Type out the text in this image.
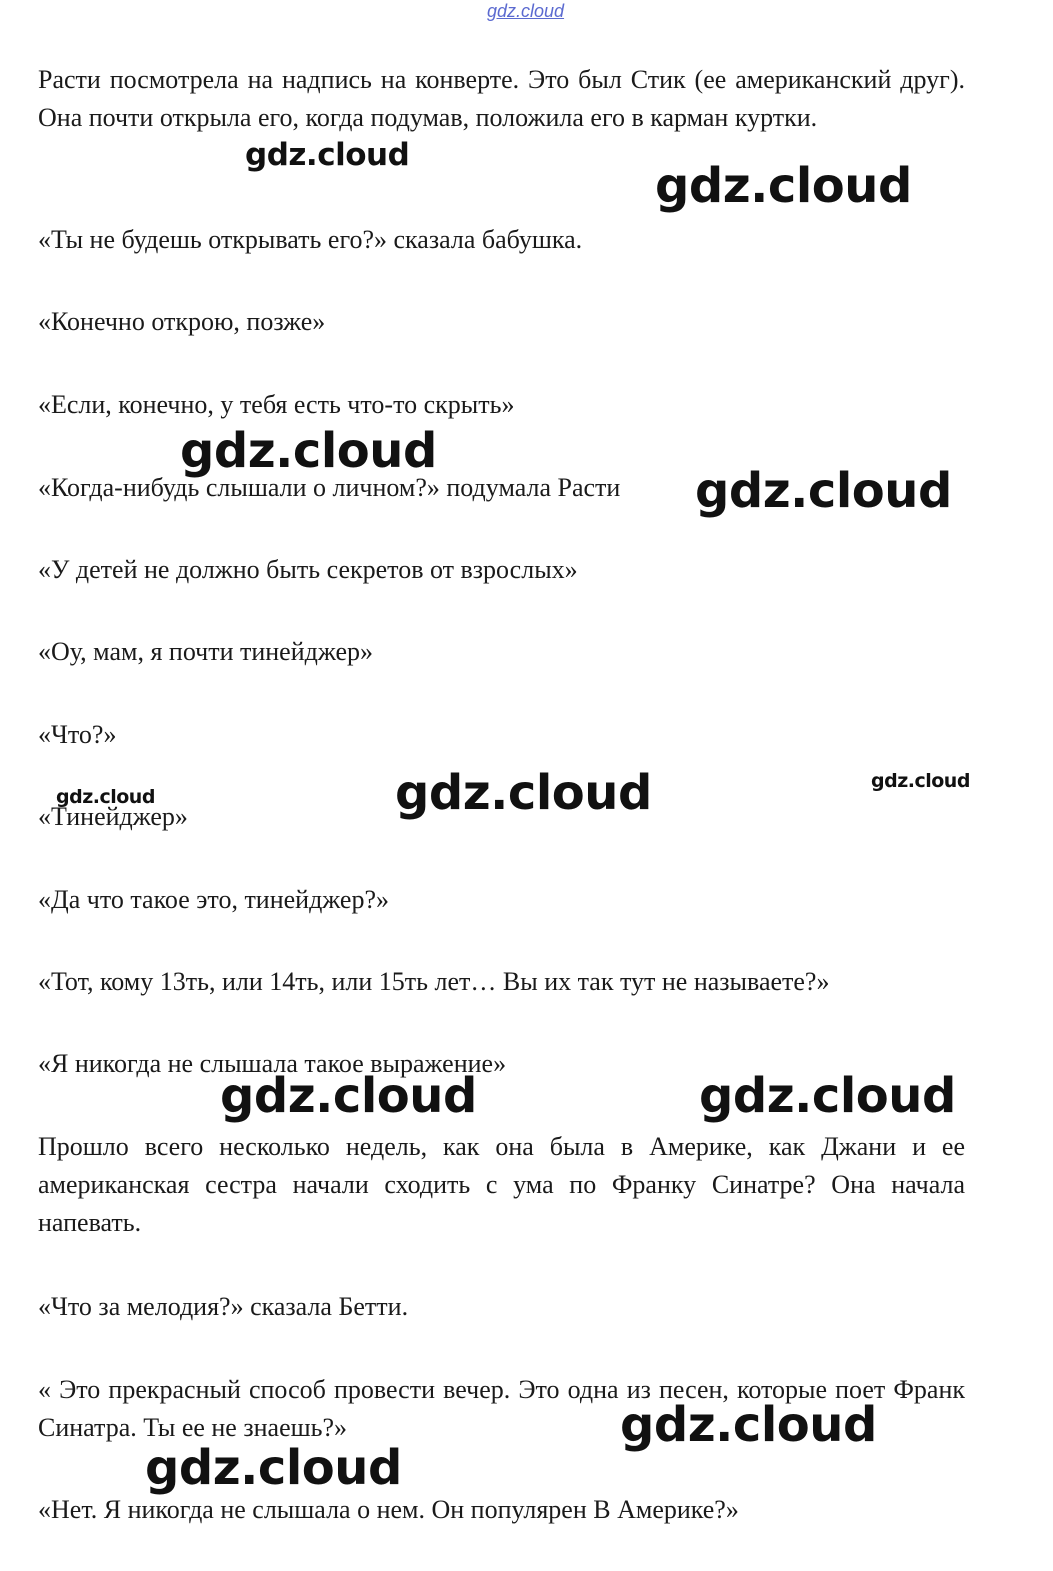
gdz.cloud

Расти посмотрела на надпись на конверте. Это был Стик (ее американский друг). Она почти открыла его, когда подумав, положила его в карман куртки.

«Ты не будешь открывать его?» сказала бабушка.

«Конечно открою, позже»

«Если, конечно, у тебя есть что-то скрыть»

«Когда-нибудь слышали о личном?» подумала Расти

«У детей не должно быть секретов от взрослых»

«Оу, мам, я почти тинейджер»

«Что?»

«Тинейджер»

«Да что такое это, тинейджер?»

«Тот, кому 13ть, или 14ть, или 15ть лет… Вы их так тут не называете?»

«Я никогда не слышала такое выражение»

Прошло всего несколько недель, как она была в Америке, как Джани и ее американская сестра начали сходить с ума по Франку Синатре? Она начала напевать.

«Что за мелодия?» сказала Бетти.

« Это прекрасный способ провести вечер. Это одна из песен, которые поет Франк Синатра. Ты ее не знаешь?»

«Нет. Я никогда не слышала о нем. Он популярен В Америке?»

gdz.cloud

gdz.cloud

gdz.cloud

gdz.cloud

gdz.cloud	gdz.cloud	gdz.cloud

gdz.cloud	gdz.cloud

gdz.cloud

gdz.cloud
